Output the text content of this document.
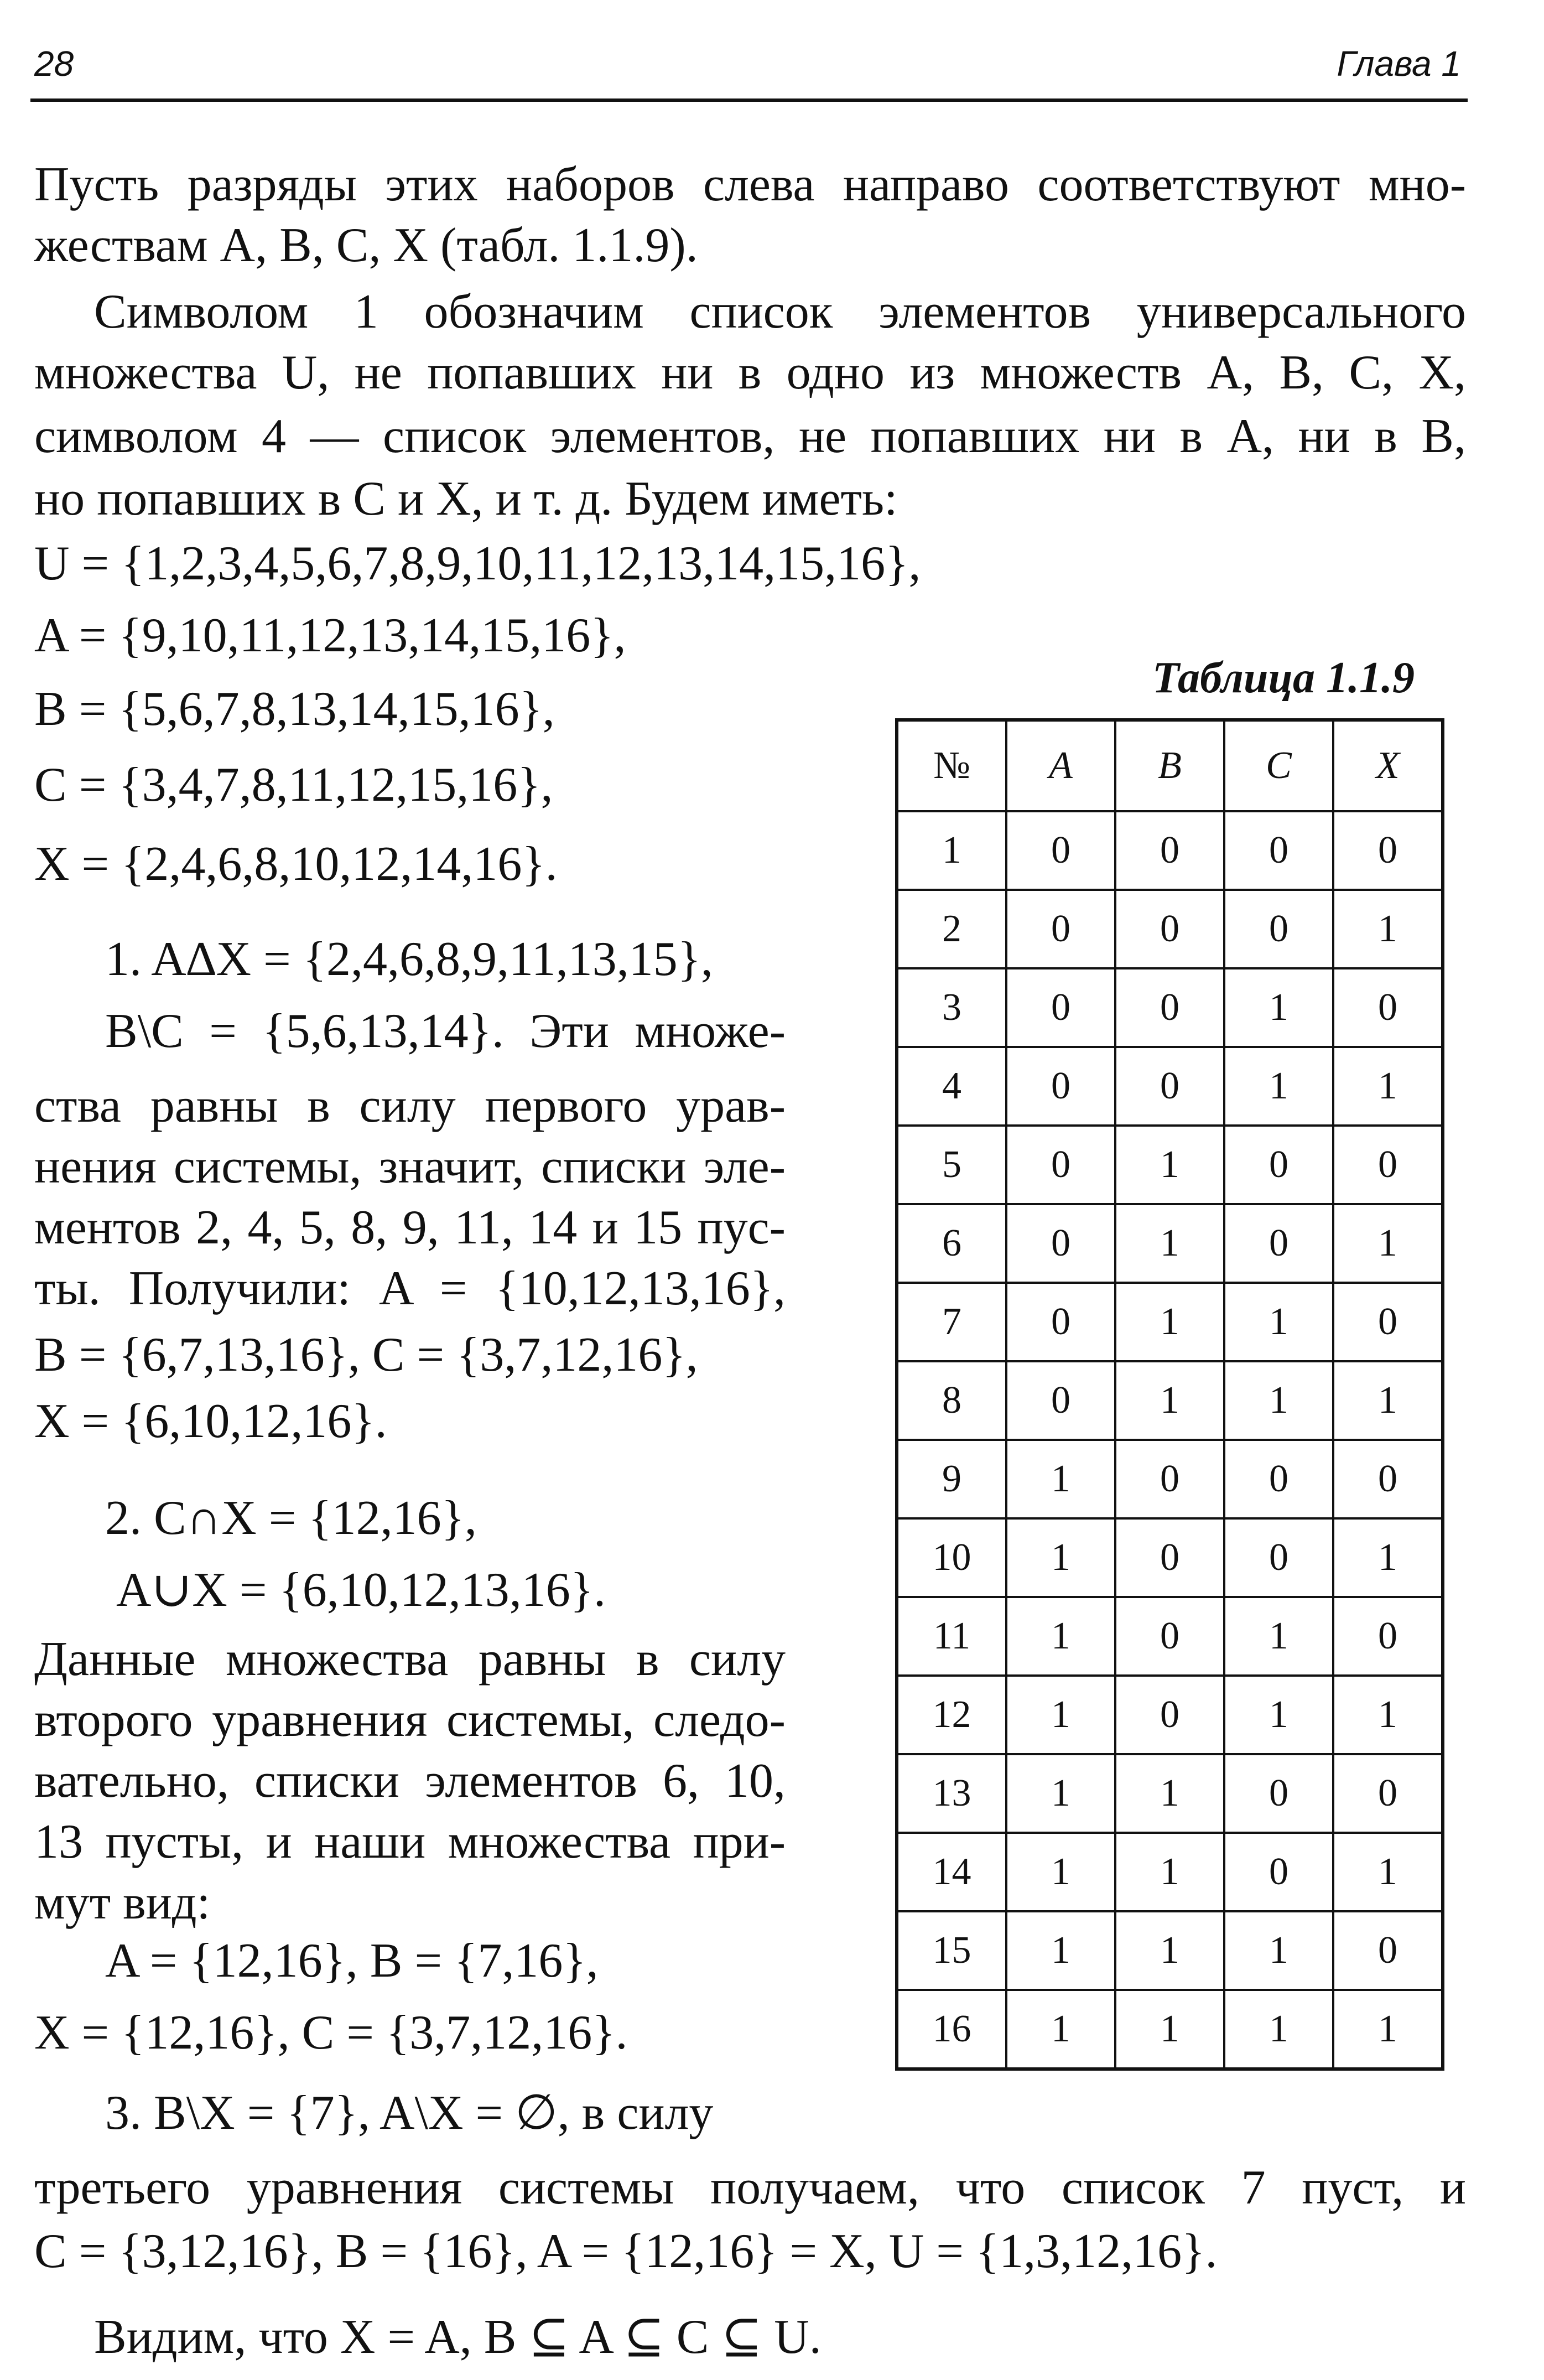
28	Глава 1
Пусть разряды этих наборов слева направо соответствуют мно-
жествам A, B, C, X (табл. 1.1.9).
Символом 1 обозначим список элементов универсального
множества U, не попавших ни в одно из множеств A, B, C, X,
символом 4 — список элементов, не попавших ни в A, ни в B,
но попавших в C и X, и т. д. Будем иметь:
U = {1,2,3,4,5,6,7,8,9,10,11,12,13,14,15,16},
A = {9,10,11,12,13,14,15,16},
B = {5,6,7,8,13,14,15,16},
C = {3,4,7,8,11,12,15,16},
X = {2,4,6,8,10,12,14,16}.
1. A∆X = {2,4,6,8,9,11,13,15},
B\C = {5,6,13,14}. Эти множе-
ства равны в силу первого урав-
нения системы, значит, списки эле-
ментов 2, 4, 5, 8, 9, 11, 14 и 15 пус-
ты. Получили: A = {10,12,13,16},
B = {6,7,13,16}, C = {3,7,12,16},
X = {6,10,12,16}.
2. C∩X = {12,16},
A∪X = {6,10,12,13,16}.
Данные множества равны в силу
второго уравнения системы, следо-
вательно, списки элементов 6, 10,
13 пусты, и наши множества при-
мут вид:
A = {12,16}, B = {7,16},
X = {12,16}, C = {3,7,12,16}.
3. B\X = {7}, A\X = ∅, в силу
третьего уравнения системы получаем, что список 7 пуст, и
C = {3,12,16}, B = {16}, A = {12,16} = X, U = {1,3,12,16}.
Видим, что X = A, B ⊆ A ⊆ C ⊆ U.
Таблица 1.1.9
№	A	B	C	X
1	0	0	0	0
2	0	0	0	1
3	0	0	1	0
4	0	0	1	1
5	0	1	0	0
6	0	1	0	1
7	0	1	1	0
8	0	1	1	1
9	1	0	0	0
10	1	0	0	1
11	1	0	1	0
12	1	0	1	1
13	1	1	0	0
14	1	1	0	1
15	1	1	1	0
16	1	1	1	1
